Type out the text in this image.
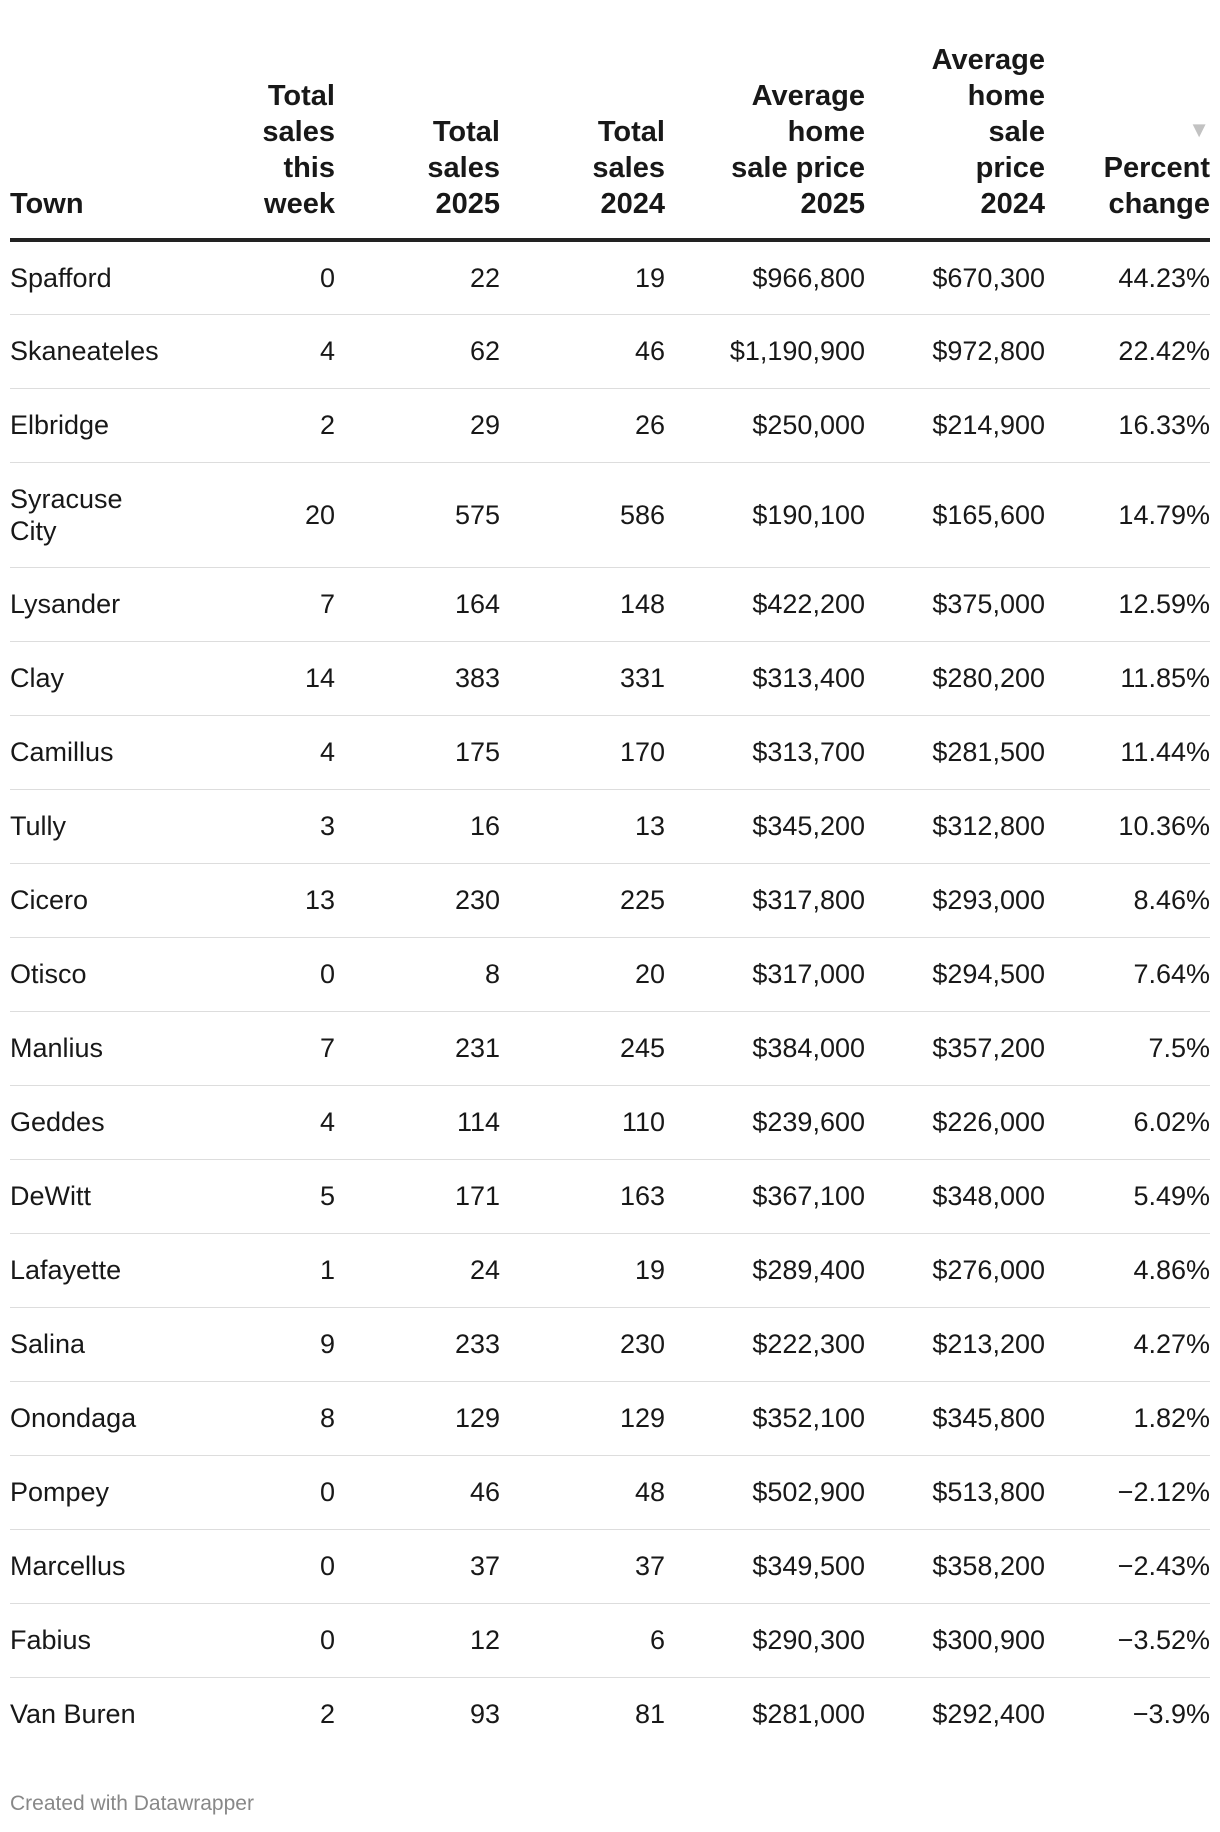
Town	Total
sales
this
week	Total
sales
2025	Total
sales
2024	Average
home
sale price
2025	Average
home
sale
price
2024	▼
Percent
change

Spafford	0	22	19	$966,800	$670,300	44.23%
Skaneateles	4	62	46	$1,190,900	$972,800	22.42%
Elbridge	2	29	26	$250,000	$214,900	16.33%
Syracuse
City	20	575	586	$190,100	$165,600	14.79%
Lysander	7	164	148	$422,200	$375,000	12.59%
Clay	14	383	331	$313,400	$280,200	11.85%
Camillus	4	175	170	$313,700	$281,500	11.44%
Tully	3	16	13	$345,200	$312,800	10.36%
Cicero	13	230	225	$317,800	$293,000	8.46%
Otisco	0	8	20	$317,000	$294,500	7.64%
Manlius	7	231	245	$384,000	$357,200	7.5%
Geddes	4	114	110	$239,600	$226,000	6.02%
DeWitt	5	171	163	$367,100	$348,000	5.49%
Lafayette	1	24	19	$289,400	$276,000	4.86%
Salina	9	233	230	$222,300	$213,200	4.27%
Onondaga	8	129	129	$352,100	$345,800	1.82%
Pompey	0	46	48	$502,900	$513,800	−2.12%
Marcellus	0	37	37	$349,500	$358,200	−2.43%
Fabius	0	12	6	$290,300	$300,900	−3.52%
Van Buren	2	93	81	$281,000	$292,400	−3.9%
Created with Datawrapper
